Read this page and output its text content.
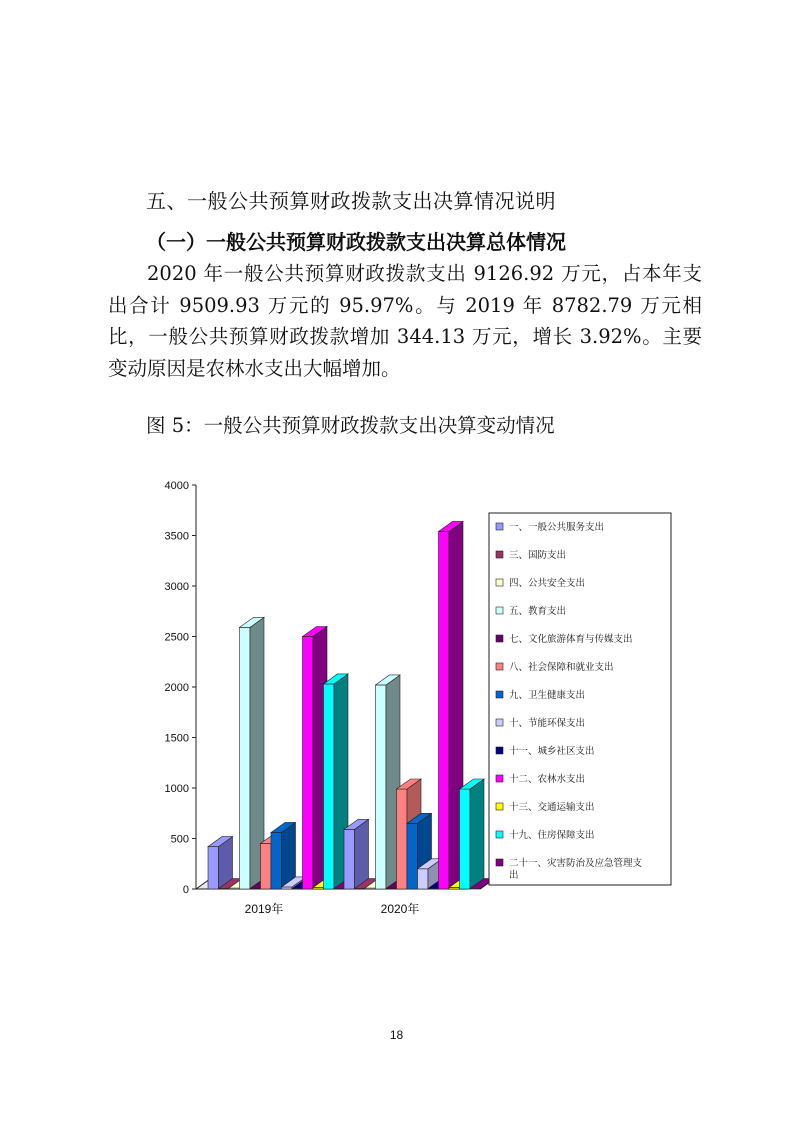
五、一般公共预算财政拨款支出决算情况说明
（一）一般公共预算财政拨款支出决算总体情况
2020 年一般公共预算财政拨款支出 9126.92 万元，占本年支出合计 9509.93 万元的 95.97%。与 2019 年 8782.79 万元相比，一般公共预算财政拨款增加 344.13 万元，增长 3.92%。主要变动原因是农林水支出大幅增加。
图 5：一般公共预算财政拨款支出决算变动情况
0
500
1000
1500
2000
2500
3000
3500
4000
2019年	2020年
一、一般公共服务支出
三、国防支出
四、公共安全支出
五、教育支出
七、文化旅游体育与传媒支出
八、社会保障和就业支出
九、卫生健康支出
十、节能环保支出
十一、城乡社区支出
十二、农林水支出
十三、交通运输支出
十九、住房保障支出
二十一、灾害防治及应急管理支
出
18
